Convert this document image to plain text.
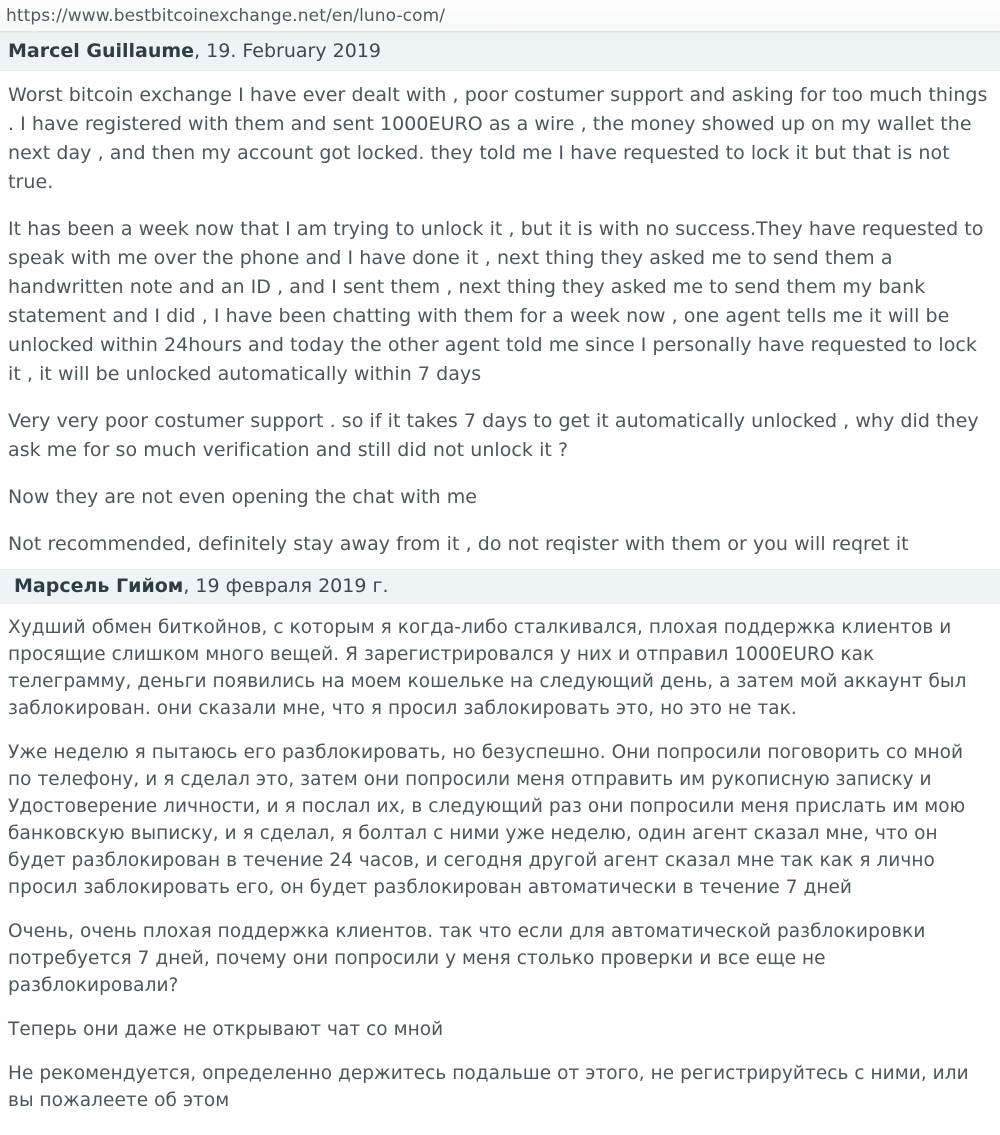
https://www.bestbitcoinexchange.net/en/luno-com/
Marcel Guillaume, 19. February 2019

Worst bitcoin exchange I have ever dealt with , poor costumer support and asking for too much things . I have registered with them and sent 1000EURO as a wire , the money showed up on my wallet the next day , and then my account got locked. they told me I have requested to lock it but that is not true.

It has been a week now that I am trying to unlock it , but it is with no success.They have requested to speak with me over the phone and I have done it , next thing they asked me to send them a handwritten note and an ID , and I sent them , next thing they asked me to send them my bank statement and I did , I have been chatting with them for a week now , one agent tells me it will be unlocked within 24hours and today the other agent told me since I personally have requested to lock it , it will be unlocked automatically within 7 days

Very very poor costumer support . so if it takes 7 days to get it automatically unlocked , why did they ask me for so much verification and still did not unlock it ?

Now they are not even opening the chat with me

Not recommended, definitely stay away from it , do not reqister with them or you will reqret it

Марсель Гийом, 19 февраля 2019 г.

Худший обмен биткойнов, с которым я когда-либо сталкивался, плохая поддержка клиентов и просящие слишком много вещей. Я зарегистрировался у них и отправил 1000EURO как телеграмму, деньги появились на моем кошельке на следующий день, а затем мой аккаунт был заблокирован. они сказали мне, что я просил заблокировать это, но это не так.

Уже неделю я пытаюсь его разблокировать, но безуспешно. Они попросили поговорить со мной по телефону, и я сделал это, затем они попросили меня отправить им рукописную записку и Удостоверение личности, и я послал их, в следующий раз они попросили меня прислать им мою банковскую выписку, и я сделал, я болтал с ними уже неделю, один агент сказал мне, что он будет разблокирован в течение 24 часов, и сегодня другой агент сказал мне так как я лично просил заблокировать его, он будет разблокирован автоматически в течение 7 дней

Очень, очень плохая поддержка клиентов. так что если для автоматической разблокировки потребуется 7 дней, почему они попросили у меня столько проверки и все еще не разблокировали?

Теперь они даже не открывают чат со мной

Не рекомендуется, определенно держитесь подальше от этого, не регистрируйтесь с ними, или вы пожалеете об этом
